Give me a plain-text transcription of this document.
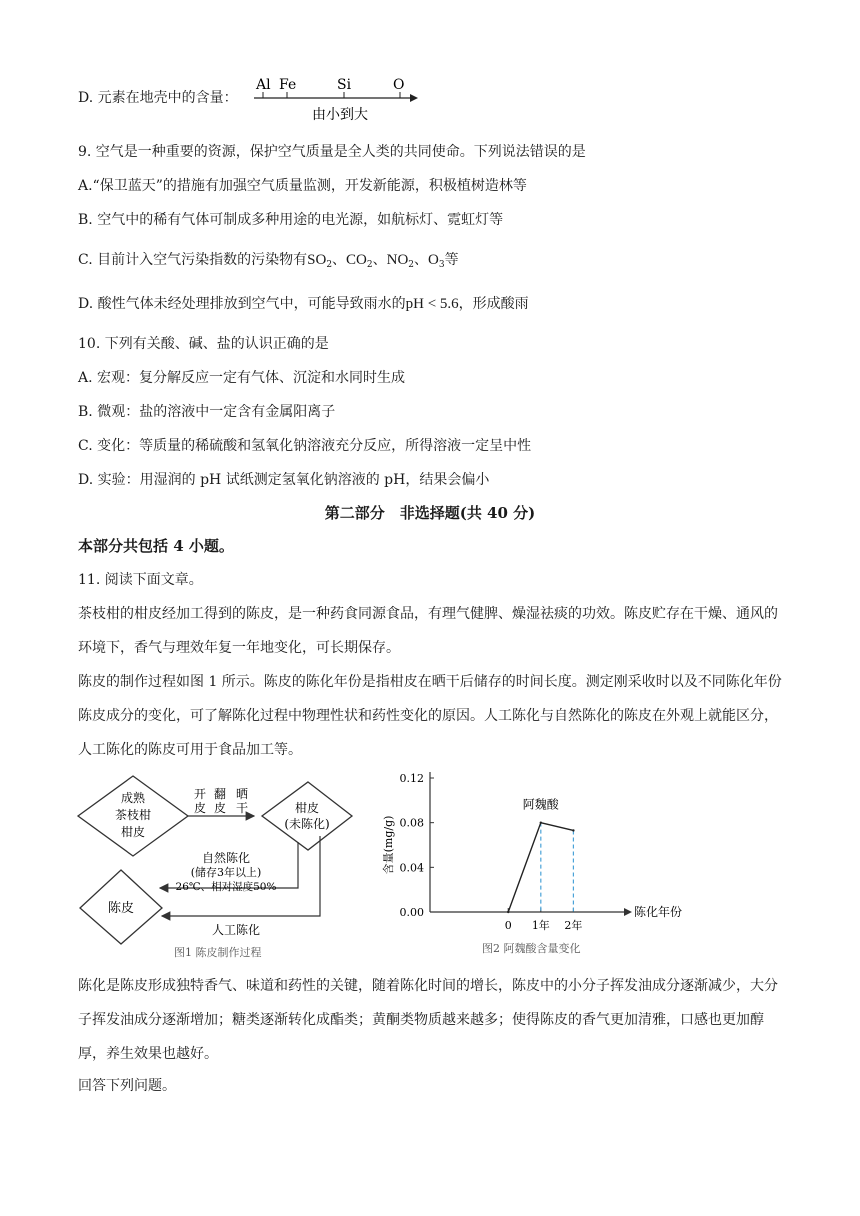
D. 元素在地壳中的含量：
Al Fe	Si	O
由小到大
9. 空气是一种重要的资源，保护空气质量是全人类的共同使命。下列说法错误的是
A.“保卫蓝天”的措施有加强空气质量监测，开发新能源，积极植树造林等
B. 空气中的稀有气体可制成多种用途的电光源，如航标灯、霓虹灯等
C. 目前计入空气污染指数的污染物有$SO_2$、$CO_2$、$NO_2$、$O_3$等
D. 酸性气体未经处理排放到空气中，可能导致雨水的pH < 5.6，形成酸雨
10. 下列有关酸、碱、盐的认识正确的是
A. 宏观：复分解反应一定有气体、沉淀和水同时生成
B. 微观：盐的溶液中一定含有金属阳离子
C. 变化：等质量的稀硫酸和氢氧化钠溶液充分反应，所得溶液一定呈中性
D. 实验：用湿润的 pH 试纸测定氢氧化钠溶液的 pH，结果会偏小
第二部分　非选择题(共 40 分)
本部分共包括 4 小题。
11. 阅读下面文章。
茶枝柑的柑皮经加工得到的陈皮，是一种药食同源食品，有理气健脾、燥湿祛痰的功效。陈皮贮存在干燥、通风的环境下，香气与理效年复一年地变化，可长期保存。
陈皮的制作过程如图 1 所示。陈皮的陈化年份是指柑皮在晒干后储存的时间长度。测定刚采收时以及不同陈化年份陈皮成分的变化，可了解陈化过程中物理性状和药性变化的原因。人工陈化与自然陈化的陈皮在外观上就能区分，人工陈化的陈皮可用于食品加工等。
成熟
茶枝柑
柑皮
开 翻 晒
皮 皮 干	柑皮
(未陈化)
自然陈化
(储存3年以上)
26℃、相对湿度50%
人工陈化
陈皮
图1 陈皮制作过程
0.00
0.04
0.08
0.12
0 1年 2年
含量(mg/g)
陈化年份
阿魏酸
图2 阿魏酸含量变化
陈化是陈皮形成独特香气、味道和药性的关键，随着陈化时间的增长，陈皮中的小分子挥发油成分逐渐减少，大分子挥发油成分逐渐增加；糖类逐渐转化成酯类；黄酮类物质越来越多；使得陈皮的香气更加清雅，口感也更加醇厚，养生效果也越好。
回答下列问题。
